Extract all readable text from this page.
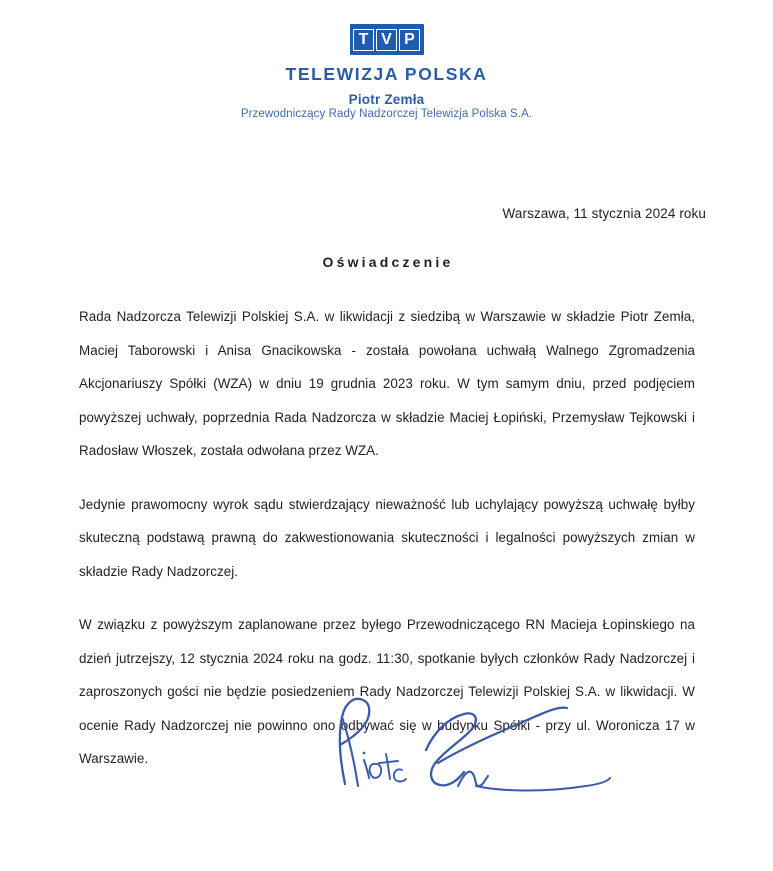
T V P
TELEWIZJA POLSKA
Piotr Zemła
Przewodniczący Rady Nadzorczej Telewizja Polska S.A.
Warszawa, 11 stycznia 2024 roku
Oświadczenie

Rada Nadzorcza Telewizji Polskiej S.A. w likwidacji z siedzibą w Warszawie w składzie Piotr Zemła, Maciej Taborowski i Anisa Gnacikowska - została powołana uchwałą Walnego Zgromadzenia Akcjonariuszy Spółki (WZA) w dniu 19 grudnia 2023 roku. W tym samym dniu, przed podjęciem powyższej uchwały, poprzednia Rada Nadzorcza w składzie Maciej Łopiński, Przemysław Tejkowski i Radosław Włoszek, została odwołana przez WZA.

Jedynie prawomocny wyrok sądu stwierdzający nieważność lub uchylający powyższą uchwałę byłby skuteczną podstawą prawną do zakwestionowania skuteczności i legalności powyższych zmian w składzie Rady Nadzorczej.

W związku z powyższym zaplanowane przez byłego Przewodniczącego RN Macieja Łopinskiego na dzień jutrzejszy, 12 stycznia 2024 roku na godz. 11:30, spotkanie byłych członków Rady Nadzorczej i zaproszonych gości nie będzie posiedzeniem Rady Nadzorczej Telewizji Polskiej S.A. w likwidacji. W ocenie Rady Nadzorczej nie powinno ono odbywać się w budynku Spółki - przy ul. Woronicza 17 w Warszawie.
